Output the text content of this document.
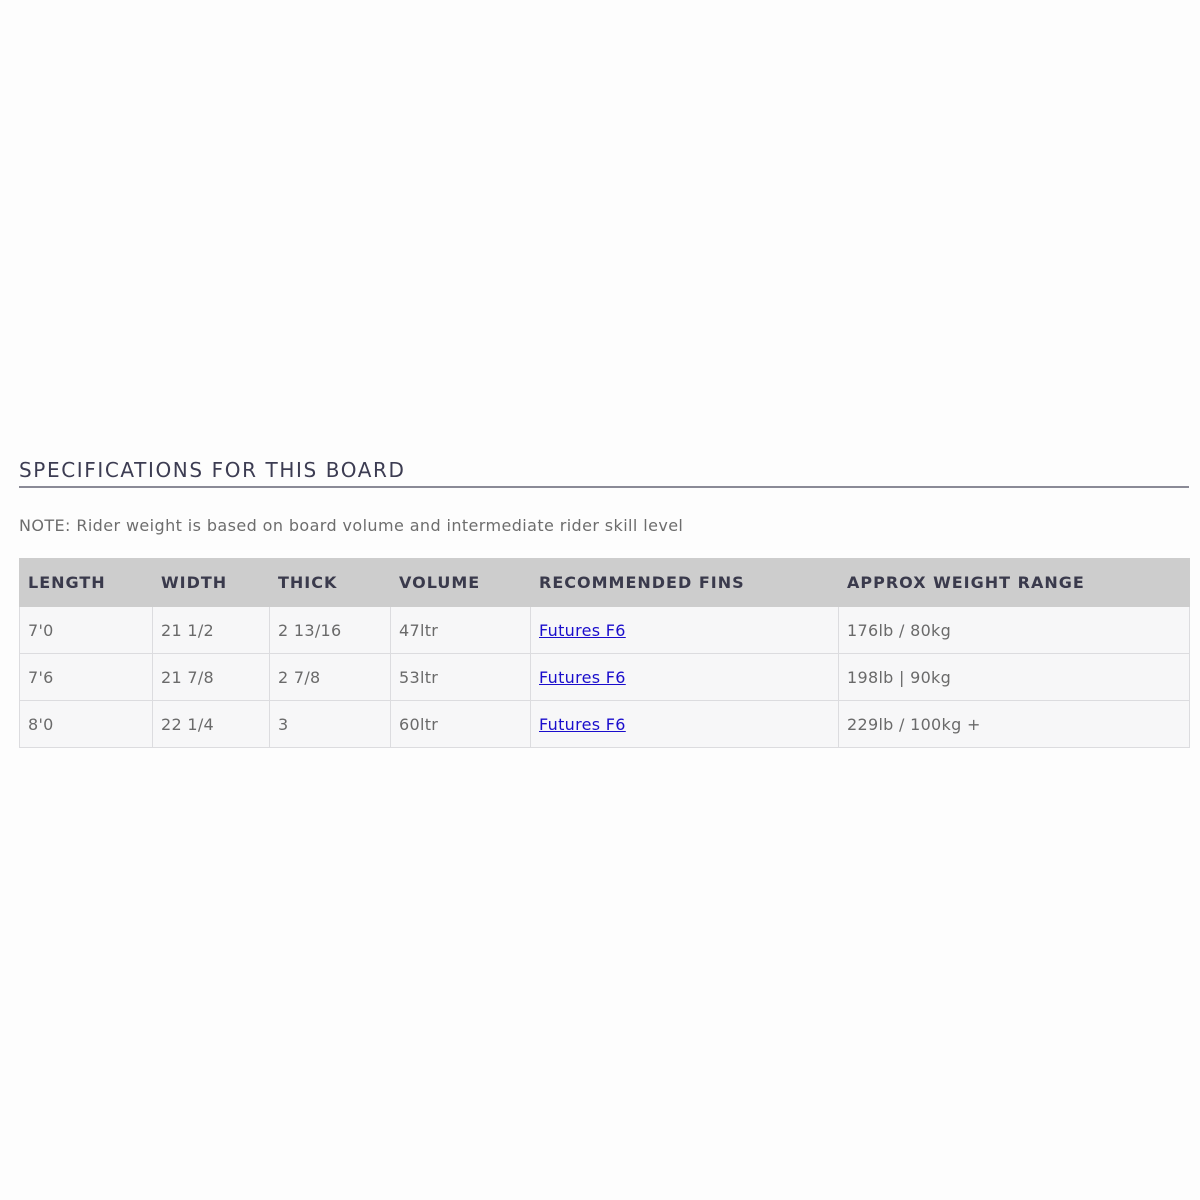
SPECIFICATIONS FOR THIS BOARD

NOTE: Rider weight is based on board volume and intermediate rider skill level

LENGTH	WIDTH	THICK	VOLUME	RECOMMENDED FINS	APPROX WEIGHT RANGE
7'0	21 1/2	2 13/16	47ltr	Futures F6	176lb / 80kg
7'6	21 7/8	2 7/8	53ltr	Futures F6	198lb | 90kg
8'0	22 1/4	3	60ltr	Futures F6	229lb / 100kg +
